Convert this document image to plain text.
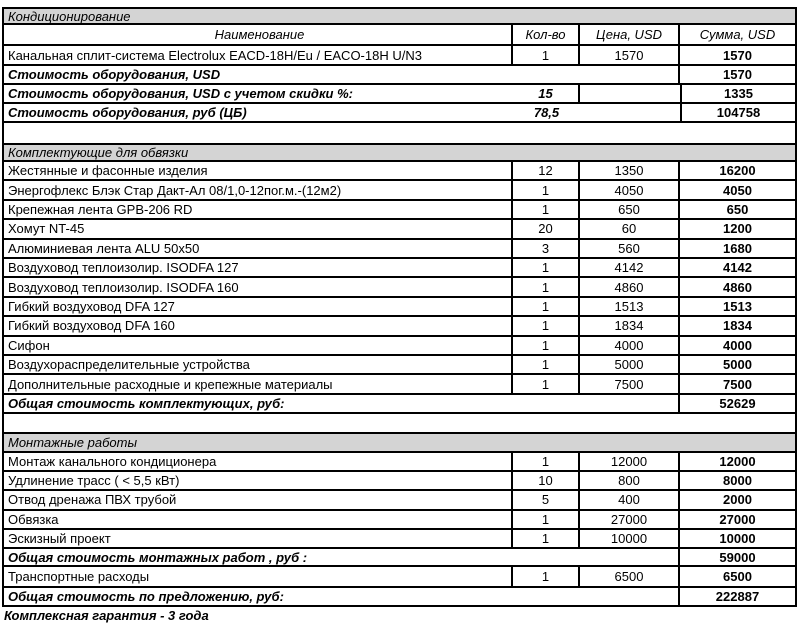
Кондиционирование
Наименование	Кол-во	Цена, USD	Сумма, USD
Канальная сплит-система Electrolux EACD-18H/Eu / EACO-18H U/N3	1	1570	1570
Стоимость оборудования, USD	1570
Стоимость оборудования, USD с учетом скидки %:	15	1335
Стоимость оборудования, руб (ЦБ)	78,5	104758
Комплектующие для обвязки
Жестянные и фасонные изделия	12	1350	16200
Энергофлекс Блэк Стар Дакт-Ал 08/1,0-12пог.м.-(12м2)	1	4050	4050
Крепежная лента GPB-206 RD	1	650	650
Хомут NT-45	20	60	1200
Алюминиевая лента ALU 50x50	3	560	1680
Воздуховод теплоизолир. ISODFA 127	1	4142	4142
Воздуховод теплоизолир. ISODFA 160	1	4860	4860
Гибкий воздуховод DFA 127	1	1513	1513
Гибкий воздуховод DFA 160	1	1834	1834
Сифон	1	4000	4000
Воздухораспределительные устройства	1	5000	5000
Дополнительные расходные и крепежные материалы	1	7500	7500
Общая стоимость комплектующих, руб:	52629
Монтажные работы
Монтаж канального кондиционера	1	12000	12000
Удлинение трасс ( < 5,5 кВт)	10	800	8000
Отвод дренажа ПВХ трубой	5	400	2000
Обвязка	1	27000	27000
Эскизный проект	1	10000	10000
Общая стоимость монтажных работ , руб :	59000
Транспортные расходы	1	6500	6500
Общая стоимость по предложению, руб:	222887
Комплексная гарантия - 3 года
